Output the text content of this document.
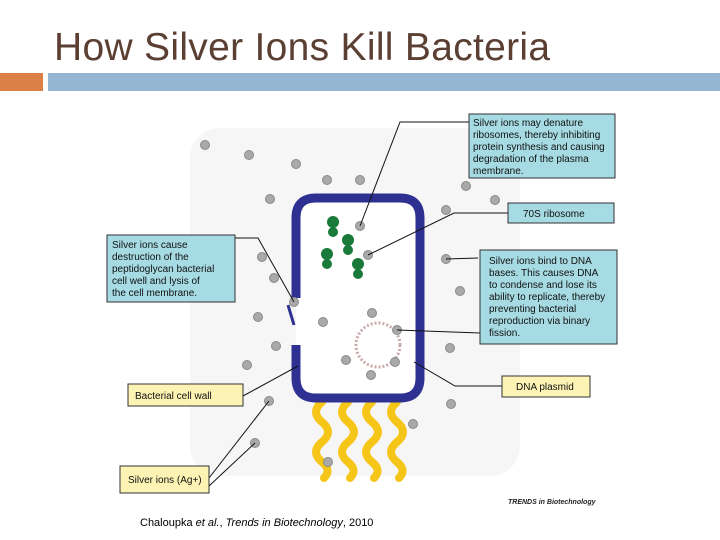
How Silver Ions Kill Bacteria
Silver ions may denature ribosomes, thereby inhibiting protein synthesis and causing degradation of the plasma membrane.
70S ribosome
Silver ions cause destruction of the peptidoglycan bacterial cell well and lysis of the cell membrane.
Silver ions bind to DNA bases. This causes DNA to condense and lose its ability to replicate, thereby preventing bacterial reproduction via binary fission.
Bacterial cell wall
DNA plasmid
Silver ions (Ag+)
TRENDS in Biotechnology
Chaloupka et al., Trends in Biotechnology, 2010
